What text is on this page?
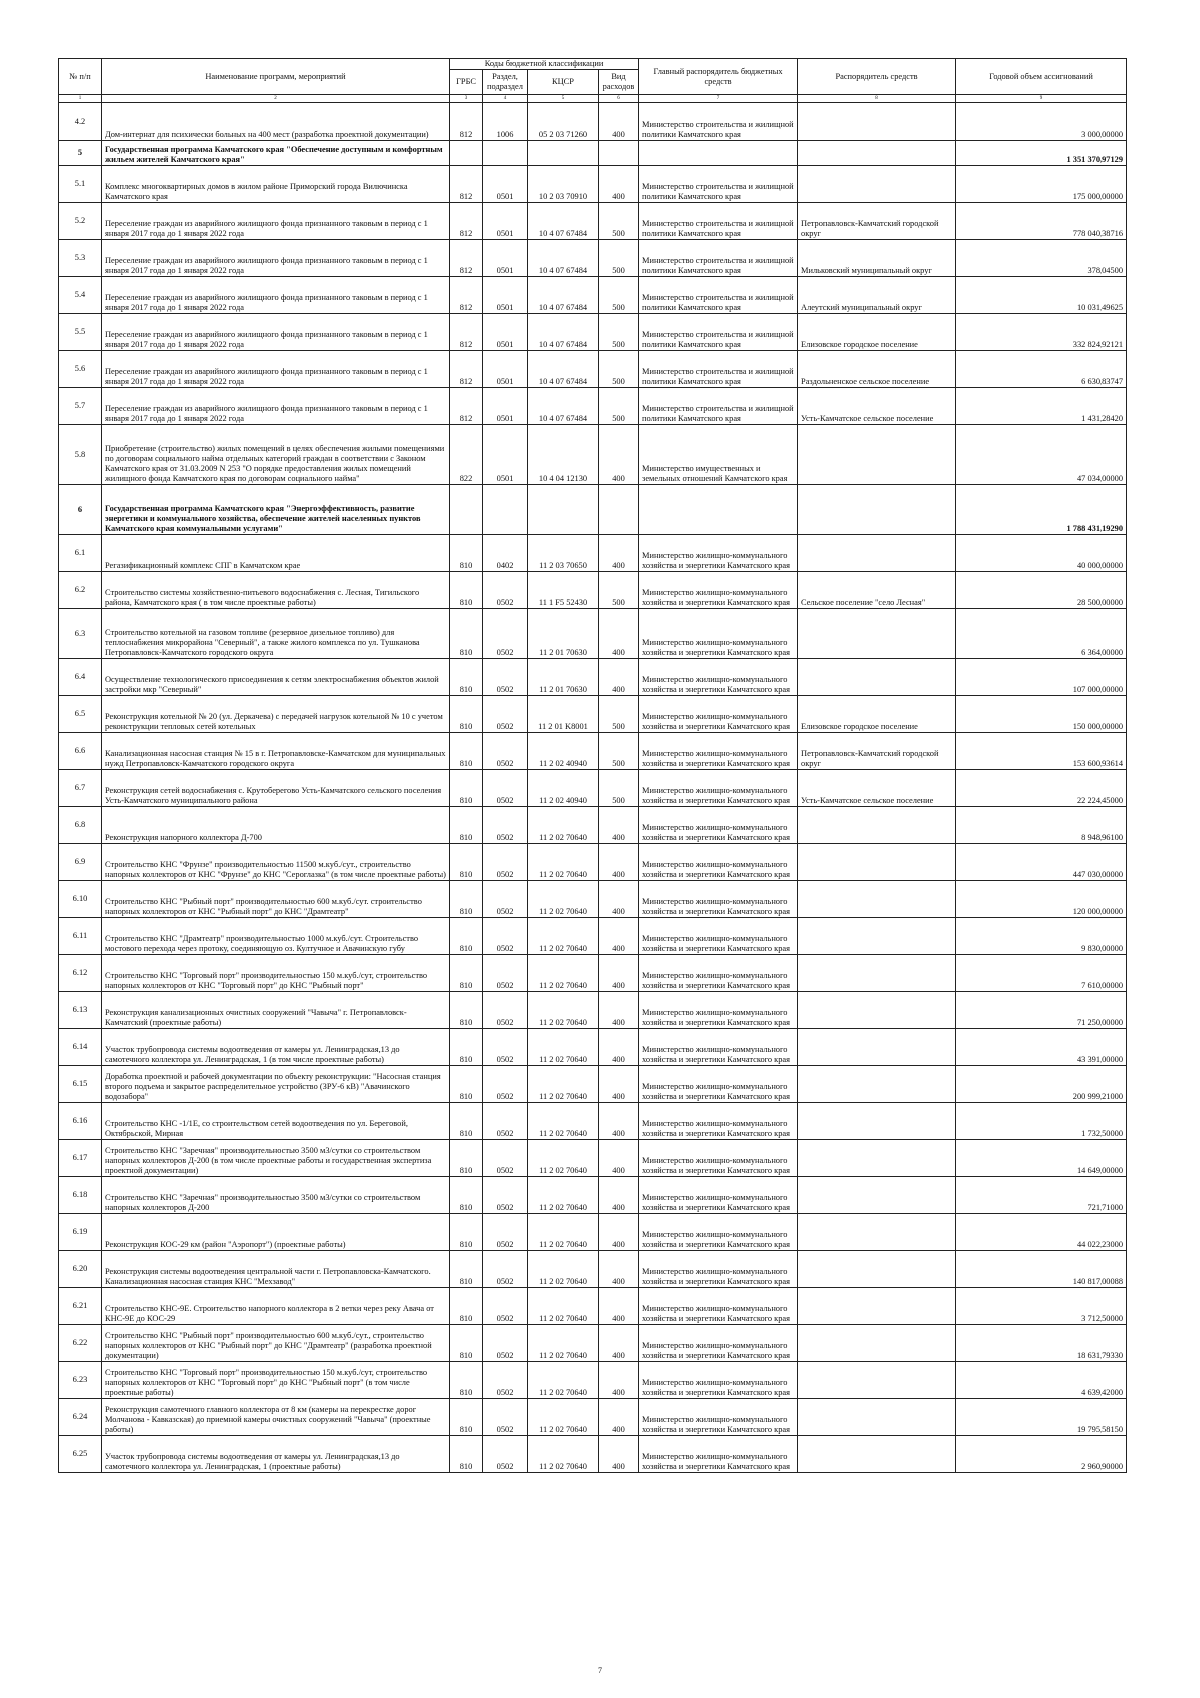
№ п/п	Наименование программ, мероприятий	Коды бюджетной классификации				Главный распорядитель бюджетных средств	Распорядитель средств	Годовой объем ассигнований
		ГРБС	Раздел, подраздел	КЦСР	Вид расходов			
1	2	3	4	5	6	7	8	9
4.2	Дом-интернат для психически больных на 400 мест (разработка проектной документации)	812	1006	05 2 03 71260	400	Министерство строительства и жилищной политики Камчатского края		3 000,00000
5	Государственная программа Камчатского края "Обеспечение доступным и комфортным жильем жителей Камчатского края"							1 351 370,97129
5.1	Комплекс многоквартирных домов в жилом районе Приморский города Вилючинска Камчатского края	812	0501	10 2 03 70910	400	Министерство строительства и жилищной политики Камчатского края		175 000,00000
5.2	Переселение граждан из аварийного жилищного фонда признанного таковым в период с 1 января 2017 года до 1 января 2022 года	812	0501	10 4 07 67484	500	Министерство строительства и жилищной политики Камчатского края	Петропавловск-Камчатский городской округ	778 040,38716
5.3	Переселение граждан из аварийного жилищного фонда признанного таковым в период с 1 января 2017 года до 1 января 2022 года	812	0501	10 4 07 67484	500	Министерство строительства и жилищной политики Камчатского края	Мильковский муниципальный округ	378,04500
5.4	Переселение граждан из аварийного жилищного фонда признанного таковым в период с 1 января 2017 года до 1 января 2022 года	812	0501	10 4 07 67484	500	Министерство строительства и жилищной политики Камчатского края	Алеутский муниципальный округ	10 031,49625
5.5	Переселение граждан из аварийного жилищного фонда признанного таковым в период с 1 января 2017 года до 1 января 2022 года	812	0501	10 4 07 67484	500	Министерство строительства и жилищной политики Камчатского края	Елизовское городское поселение	332 824,92121
5.6	Переселение граждан из аварийного жилищного фонда признанного таковым в период с 1 января 2017 года до 1 января 2022 года	812	0501	10 4 07 67484	500	Министерство строительства и жилищной политики Камчатского края	Раздольненское сельское поселение	6 630,83747
5.7	Переселение граждан из аварийного жилищного фонда признанного таковым в период с 1 января 2017 года до 1 января 2022 года	812	0501	10 4 07 67484	500	Министерство строительства и жилищной политики Камчатского края	Усть-Камчатское сельское поселение	1 431,28420
5.8	Приобретение (строительство) жилых помещений в целях обеспечения жилыми помещениями по договорам социального найма отдельных категорий граждан в соответствии с Законом Камчатского края от 31.03.2009 N 253 "О порядке предоставления жилых помещений жилищного фонда Камчатского края по договорам социального найма"	822	0501	10 4 04 12130	400	Министерство имущественных и земельных отношений Камчатского края		47 034,00000
6	Государственная программа Камчатского края "Энергоэффективность, развитие энергетики и коммунального хозяйства, обеспечение жителей населенных пунктов Камчатского края коммунальными услугами"							1 788 431,19290
6.1	Регазификационный комплекс СПГ в Камчатском крае	810	0402	11 2 03 70650	400	Министерство жилищно-коммунального хозяйства и энергетики Камчатского края		40 000,00000
6.2	Строительство системы хозяйственно-питьевого водоснабжения с. Лесная, Тигильского района, Камчатского края ( в том числе проектные работы)	810	0502	11 1 F5 52430	500	Министерство жилищно-коммунального хозяйства и энергетики Камчатского края	Сельское поселение "село Лесная"	28 500,00000
6.3	Строительство котельной на газовом топливе (резервное дизельное топливо) для теплоснабжения микрорайона "Северный", а также жилого комплекса по ул. Тушканова Петропавловск-Камчатского городского округа	810	0502	11 2 01 70630	400	Министерство жилищно-коммунального хозяйства и энергетики Камчатского края		6 364,00000
6.4	Осуществление технологического присоединения к сетям электроснабжения объектов жилой застройки мкр "Северный"	810	0502	11 2 01 70630	400	Министерство жилищно-коммунального хозяйства и энергетики Камчатского края		107 000,00000
6.5	Реконструкция котельной № 20 (ул. Деркачева) с передачей нагрузок котельной № 10 с учетом реконструкции тепловых сетей котельных	810	0502	11 2 01 K8001	500	Министерство жилищно-коммунального хозяйства и энергетики Камчатского края	Елизовское городское поселение	150 000,00000
6.6	Канализационная насосная станция № 15 в г. Петропавловске-Камчатском для муниципальных нужд Петропавловск-Камчатского городского округа	810	0502	11 2 02 40940	500	Министерство жилищно-коммунального хозяйства и энергетики Камчатского края	Петропавловск-Камчатский городской округ	153 600,93614
6.7	Реконструкция сетей водоснабжения с. Крутоберегово Усть-Камчатского сельского поселения Усть-Камчатского муниципального района	810	0502	11 2 02 40940	500	Министерство жилищно-коммунального хозяйства и энергетики Камчатского края	Усть-Камчатское сельское поселение	22 224,45000
6.8	Реконструкция напорного коллектора Д-700	810	0502	11 2 02 70640	400	Министерство жилищно-коммунального хозяйства и энергетики Камчатского края		8 948,96100
6.9	Строительство КНС "Фрунзе" производительностью 11500 м.куб./сут., строительство напорных коллекторов от КНС "Фрунзе" до КНС "Сероглазка" (в том числе проектные работы)	810	0502	11 2 02 70640	400	Министерство жилищно-коммунального хозяйства и энергетики Камчатского края		447 030,00000
6.10	Строительство КНС "Рыбный порт" производительностью 600 м.куб./сут. строительство напорных коллекторов от КНС "Рыбный порт" до КНС "Драмтеатр"	810	0502	11 2 02 70640	400	Министерство жилищно-коммунального хозяйства и энергетики Камчатского края		120 000,00000
6.11	Строительство КНС "Драмтеатр" производительностью 1000 м.куб./сут. Строительство мостового перехода через протоку, соединяющую оз. Култучное и Авачинскую губу	810	0502	11 2 02 70640	400	Министерство жилищно-коммунального хозяйства и энергетики Камчатского края		9 830,00000
6.12	Строительство КНС "Торговый порт" производительностью 150 м.куб./сут, строительство напорных коллекторов от КНС "Торговый порт" до КНС "Рыбный порт"	810	0502	11 2 02 70640	400	Министерство жилищно-коммунального хозяйства и энергетики Камчатского края		7 610,00000
6.13	Реконструкция канализационных очистных сооружений "Чавыча" г. Петропавловск-Камчатский (проектные работы)	810	0502	11 2 02 70640	400	Министерство жилищно-коммунального хозяйства и энергетики Камчатского края		71 250,00000
6.14	Участок трубопровода системы водоотведения от камеры ул. Ленинградская,13 до самотечного коллектора ул. Ленинградская, 1 (в том числе проектные работы)	810	0502	11 2 02 70640	400	Министерство жилищно-коммунального хозяйства и энергетики Камчатского края		43 391,00000
6.15	Доработка проектной и рабочей документации по объекту реконструкции: "Насосная станция второго подъема и закрытое распределительное устройство (ЗРУ-6 кВ) "Авачинского водозабора"	810	0502	11 2 02 70640	400	Министерство жилищно-коммунального хозяйства и энергетики Камчатского края		200 999,21000
6.16	Строительство КНС -1/1Е, со строительством сетей водоотведения по ул. Береговой, Октябрьской, Мирная	810	0502	11 2 02 70640	400	Министерство жилищно-коммунального хозяйства и энергетики Камчатского края		1 732,50000
6.17	Строительство КНС "Заречная" производительностью 3500 м3/сутки со строительством напорных коллекторов Д-200 (в том числе проектные работы и государственная экспертиза проектной документации)	810	0502	11 2 02 70640	400	Министерство жилищно-коммунального хозяйства и энергетики Камчатского края		14 649,00000
6.18	Строительство КНС "Заречная" производительностью 3500 м3/сутки со строительством напорных коллекторов Д-200	810	0502	11 2 02 70640	400	Министерство жилищно-коммунального хозяйства и энергетики Камчатского края		721,71000
6.19	Реконструкция КОС-29 км (район "Аэропорт") (проектные работы)	810	0502	11 2 02 70640	400	Министерство жилищно-коммунального хозяйства и энергетики Камчатского края		44 022,23000
6.20	Реконструкция системы водоотведения центральной части г. Петропавловска-Камчатского. Канализационная насосная станция КНС "Мехзавод"	810	0502	11 2 02 70640	400	Министерство жилищно-коммунального хозяйства и энергетики Камчатского края		140 817,00088
6.21	Строительство КНС-9Е. Строительство напорного коллектора в 2 ветки через реку Авача от КНС-9Е до КОС-29	810	0502	11 2 02 70640	400	Министерство жилищно-коммунального хозяйства и энергетики Камчатского края		3 712,50000
6.22	Строительство КНС "Рыбный порт" производительностью 600 м.куб./сут., строительство напорных коллекторов от КНС "Рыбный порт" до КНС "Драмтеатр" (разработка проектной документации)	810	0502	11 2 02 70640	400	Министерство жилищно-коммунального хозяйства и энергетики Камчатского края		18 631,79330
6.23	Строительство КНС "Торговый порт" производительностью 150 м.куб./сут, строительство напорных коллекторов от КНС "Торговый порт" до КНС "Рыбный порт" (в том числе проектные работы)	810	0502	11 2 02 70640	400	Министерство жилищно-коммунального хозяйства и энергетики Камчатского края		4 639,42000
6.24	Реконструкция самотечного главного коллектора от 8 км (камеры на перекрестке дорог Молчанова - Кавказская) до приемной камеры очистных сооружений "Чавыча" (проектные работы)	810	0502	11 2 02 70640	400	Министерство жилищно-коммунального хозяйства и энергетики Камчатского края		19 795,58150
6.25	Участок трубопровода системы водоотведения от камеры ул. Ленинградская,13 до самотечного коллектора ул. Ленинградская, 1 (проектные работы)	810	0502	11 2 02 70640	400	Министерство жилищно-коммунального хозяйства и энергетики Камчатского края		2 960,90000
7
